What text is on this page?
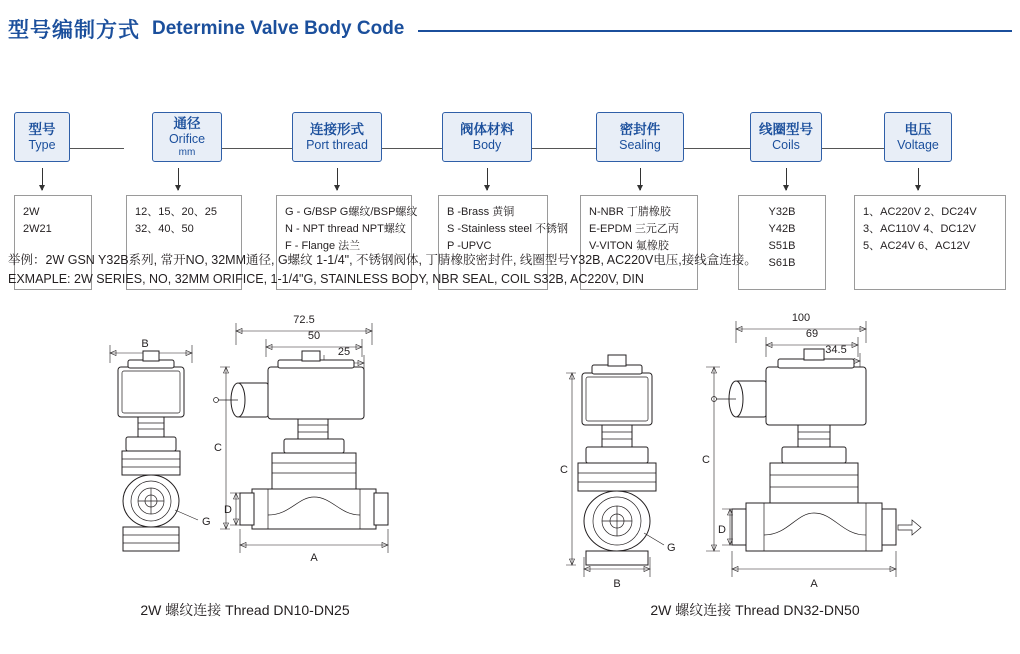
型号编制方式 Determine Valve Body Code
型号
Type
2W
2W21
通径
Orifice
mm
12、15、20、25
32、40、50
连接形式
Port thread
G - G/BSP G螺纹/BSP螺纹
N - NPT thread NPT螺纹
F - Flange 法兰
阀体材料
Body
B -Brass 黄铜
S -Stainless steel 不锈钢
P -UPVC
密封件
Sealing
N-NBR 丁腈橡胶
E-EPDM 三元乙丙
V-VITON 氟橡胶
线圈型号
Coils
Y32B
Y42B
S51B
S61B
电压
Voltage
1、AC220V 2、DC24V
3、AC110V 4、DC12V
5、AC24V 6、AC12V
举例：2W GSN Y32B系列, 常开NO, 32MM通径, G螺纹 1-1/4", 不锈钢阀体, 丁腈橡胶密封件, 线圈型号Y32B, AC220V电压,接线盒连接。
EXMAPLE: 2W SERIES, NO, 32MM ORIFICE, 1-1/4"G, STAINLESS BODY, NBR SEAL, COIL S32B, AC220V, DIN
B
G
72.5
50
25
C
D
A
2W 螺纹连接 Thread DN10-DN25
B
C
G
100
69
34.5
C
D
A
2W 螺纹连接 Thread DN32-DN50
